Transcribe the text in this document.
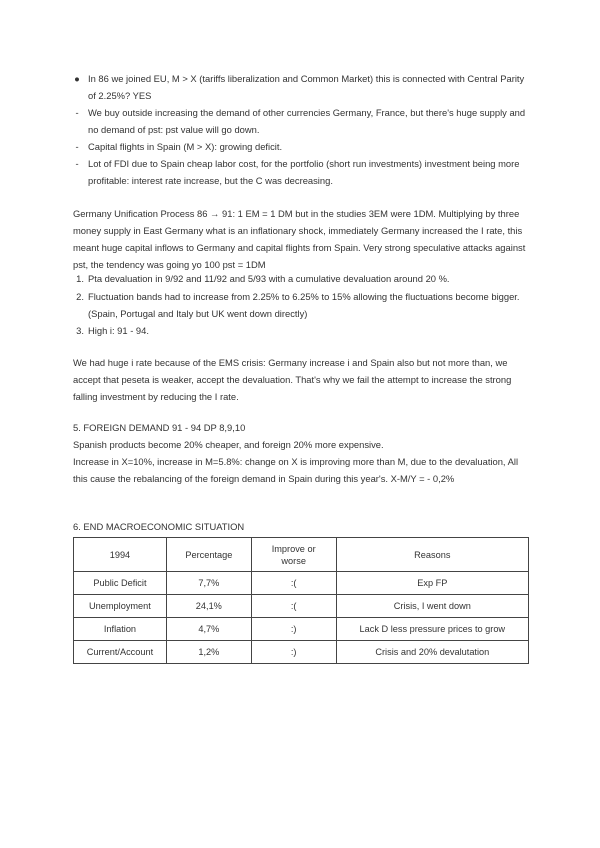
● In 86 we joined EU, M > X (tariffs liberalization and Common Market) this is connected with Central Parity of 2.25%? YES
-	We buy outside increasing the demand of other currencies Germany, France, but there's huge supply and no demand of pst: pst value will go down.
-	Capital flights in Spain (M > X): growing deficit.
-	Lot of FDI due to Spain cheap labor cost, for the portfolio (short run investments) investment being more profitable: interest rate increase, but the C was decreasing.
Germany Unification Process 86 → 91: 1 EM = 1 DM but in the studies 3EM were 1DM. Multiplying by three money supply in East Germany what is an inflationary shock, immediately Germany increased the I rate, this meant huge capital inflows to Germany and capital flights from Spain. Very strong speculative attacks against pst, the tendency was going yo 100 pst = 1DM
1. Pta devaluation in 9/92 and 11/92 and 5/93 with a cumulative devaluation around 20 %.
2. Fluctuation bands had to increase from 2.25% to 6.25% to 15% allowing the fluctuations become bigger. (Spain, Portugal and Italy but UK went down directly)
3. High i: 91 - 94.
We had huge i rate because of the EMS crisis: Germany increase i and Spain also but not more than, we accept that peseta is weaker, accept the devaluation. That's why we fail the attempt to increase the strong falling investment by reducing the I rate.
5. FOREIGN DEMAND 91 - 94 DP 8,9,10
Spanish products become 20% cheaper, and foreign 20% more expensive.
Increase in X=10%, increase in M=5.8%: change on X is improving more than M, due to the devaluation, All this cause the rebalancing of the foreign demand in Spain during this year's. X-M/Y = - 0,2%
6. END MACROECONOMIC SITUATION
1994	Percentage	Improve or worse	Reasons
Public Deficit	7,7%	:(	Exp FP
Unemployment	24,1%	:(	Crisis, I went down
Inflation	4,7%	:)	Lack D less pressure prices to grow
Current/Account	1,2%	:)	Crisis and 20% devalutation
